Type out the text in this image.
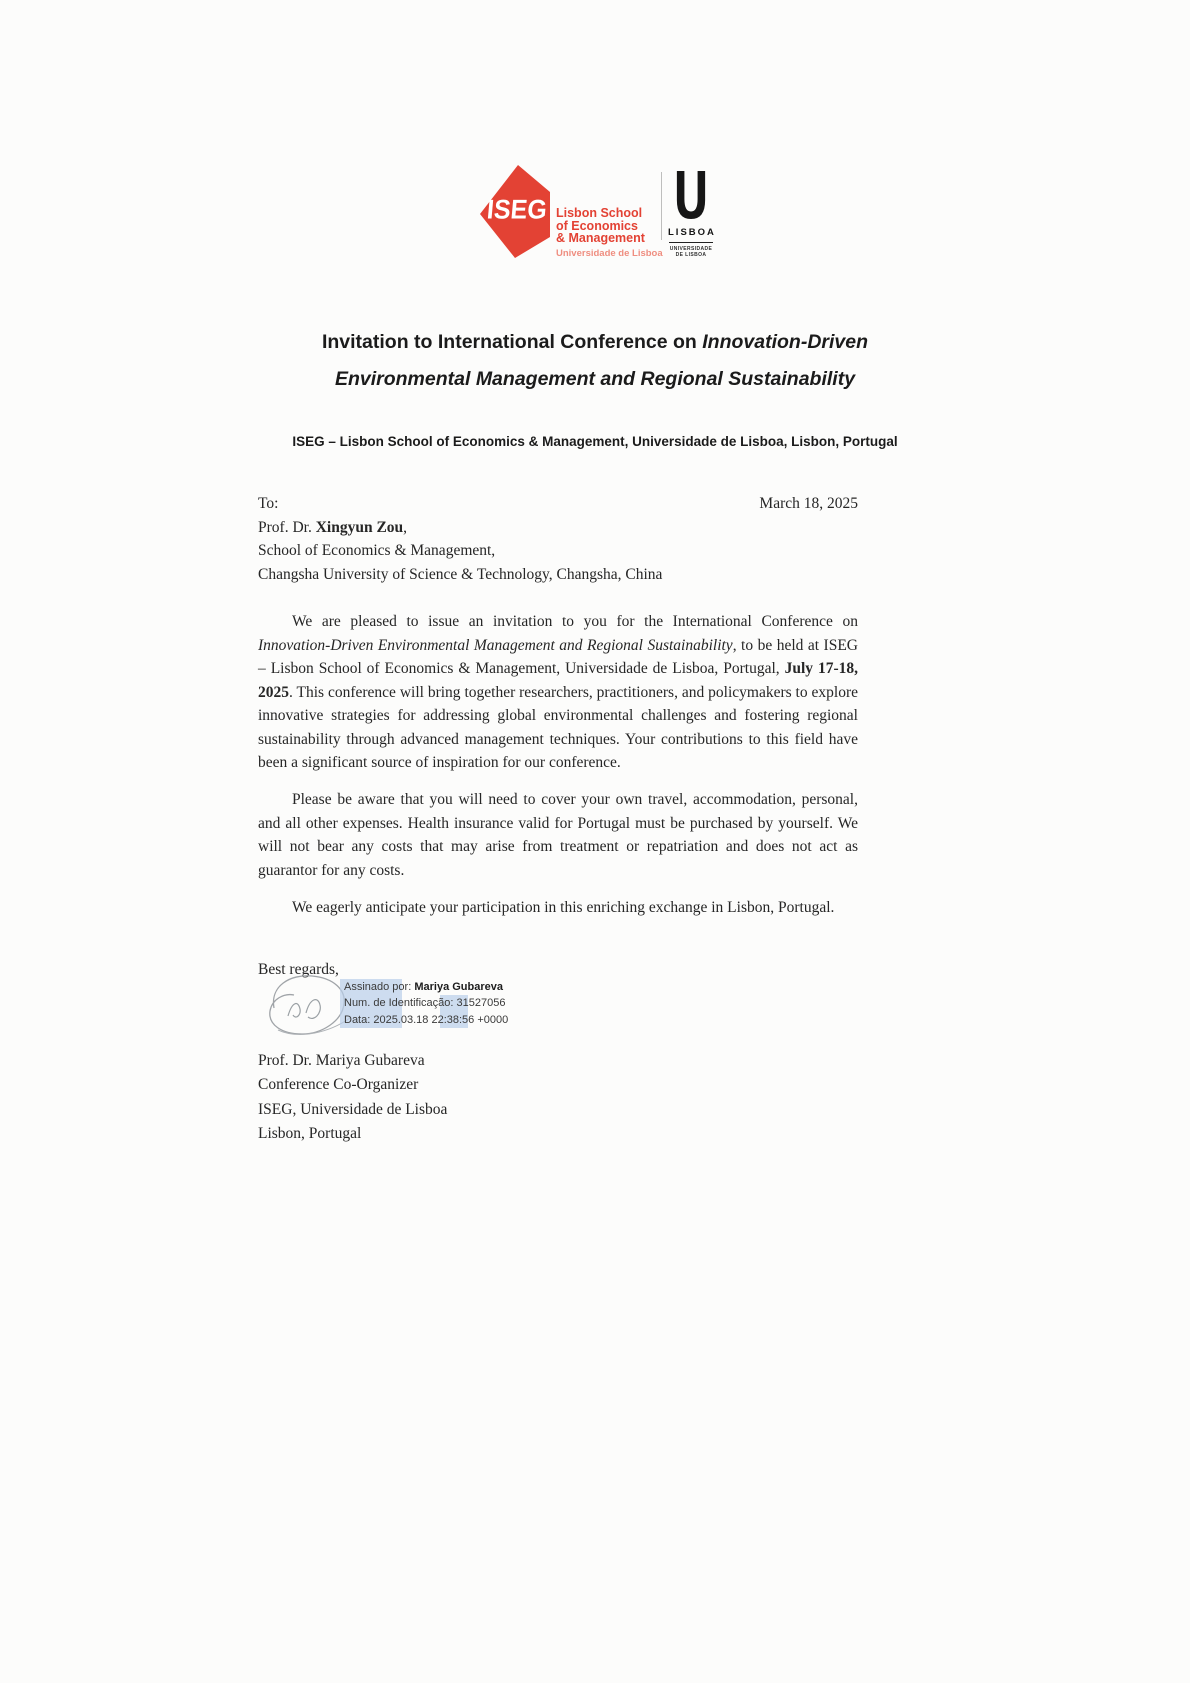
ISEG Lisbon School
of Economics
& Management
Universidade de Lisboa
LISBOA
UNIVERSIDADE
DE LISBOA
Invitation to International Conference on Innovation-Driven
Environmental Management and Regional Sustainability
ISEG – Lisbon School of Economics & Management, Universidade de Lisboa, Lisbon, Portugal
To:	March 18, 2025
Prof. Dr. Xingyun Zou,
School of Economics & Management,
Changsha University of Science & Technology, Changsha, China

We are pleased to issue an invitation to you for the International Conference on Innovation-Driven Environmental Management and Regional Sustainability, to be held at ISEG – Lisbon School of Economics & Management, Universidade de Lisboa, Portugal, July 17-18, 2025. This conference will bring together researchers, practitioners, and policymakers to explore innovative strategies for addressing global environmental challenges and fostering regional sustainability through advanced management techniques. Your contributions to this field have been a significant source of inspiration for our conference.

Please be aware that you will need to cover your own travel, accommodation, personal, and all other expenses. Health insurance valid for Portugal must be purchased by yourself. We will not bear any costs that may arise from treatment or repatriation and does not act as guarantor for any costs.

We eagerly anticipate your participation in this enriching exchange in Lisbon, Portugal.

Best regards,
Assinado por: Mariya Gubareva
Num. de Identificação: 31527056
Data: 2025.03.18 22:38:56 +0000
Prof. Dr. Mariya Gubareva
Conference Co-Organizer
ISEG, Universidade de Lisboa
Lisbon, Portugal
